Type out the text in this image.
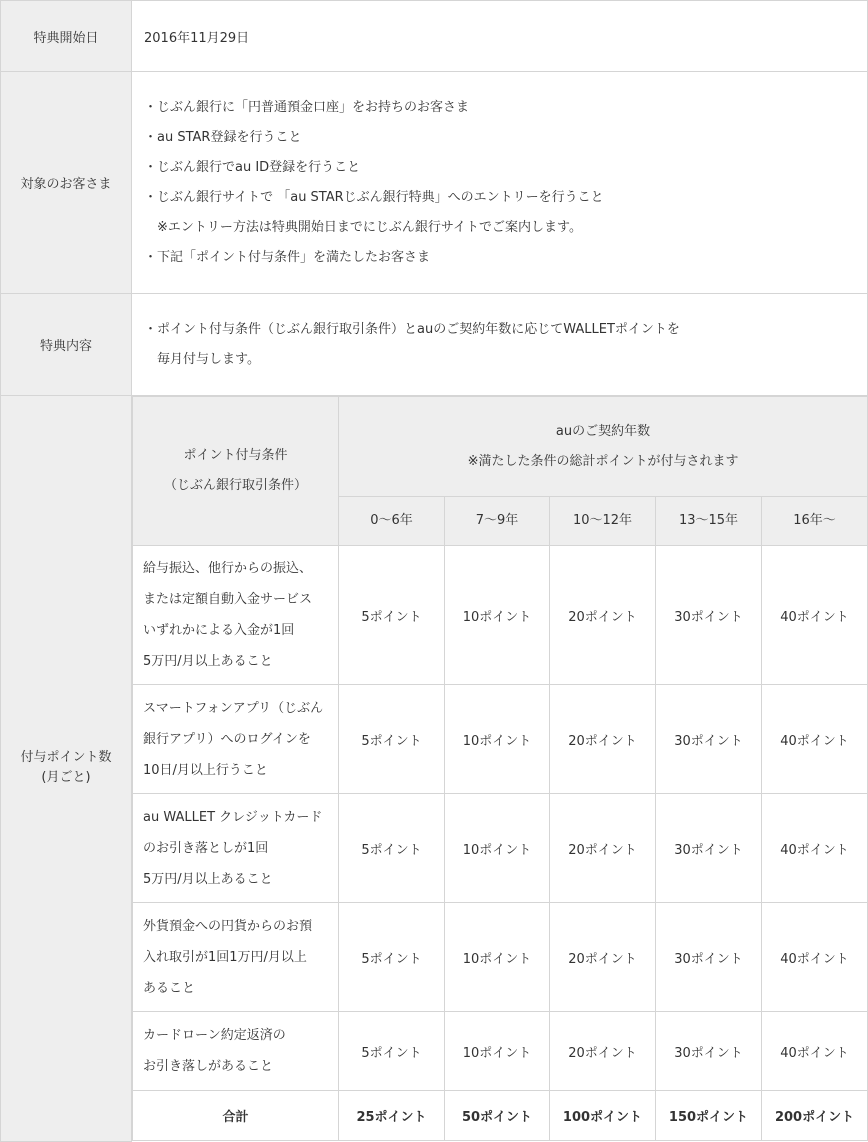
特典開始日	2016年11月29日
対象のお客さま	
・じぶん銀行に「円普通預金口座」をお持ちのお客さま
・au STAR登録を行うこと
・じぶん銀行でau ID登録を行うこと
・じぶん銀行サイトで 「au STARじぶん銀行特典」へのエントリーを行うこと
　※エントリー方法は特典開始日までにじぶん銀行サイトでご案内します。
・下記「ポイント付与条件」を満たしたお客さま

特典内容	
・ポイント付与条件（じぶん銀行取引条件）とauのご契約年数に応じてWALLETポイントを
　毎月付与します。

付与ポイント数
(月ごと)

ポイント付与条件
（じぶん銀行取引条件）

auのご契約年数
※満たした条件の総計ポイントが付与されます

0〜6年	7〜9年	10〜12年	13〜15年	16年〜

給与振込、他行からの振込、
または定額自動入金サービス
いずれかによる入金が1回
5万円/月以上あること
	5ポイント	10ポイント	20ポイント	30ポイント	40ポイント

スマートフォンアプリ（じぶん
銀行アプリ）へのログインを
10日/月以上行うこと
	5ポイント	10ポイント	20ポイント	30ポイント	40ポイント

au WALLET クレジットカード
のお引き落としが1回
5万円/月以上あること
	5ポイント	10ポイント	20ポイント	30ポイント	40ポイント

外貨預金への円貨からのお預
入れ取引が1回1万円/月以上
あること
	5ポイント	10ポイント	20ポイント	30ポイント	40ポイント

カードローン約定返済の
お引き落しがあること
	5ポイント	10ポイント	20ポイント	30ポイント	40ポイント
合計	25ポイント	50ポイント	100ポイント	150ポイント	200ポイント
